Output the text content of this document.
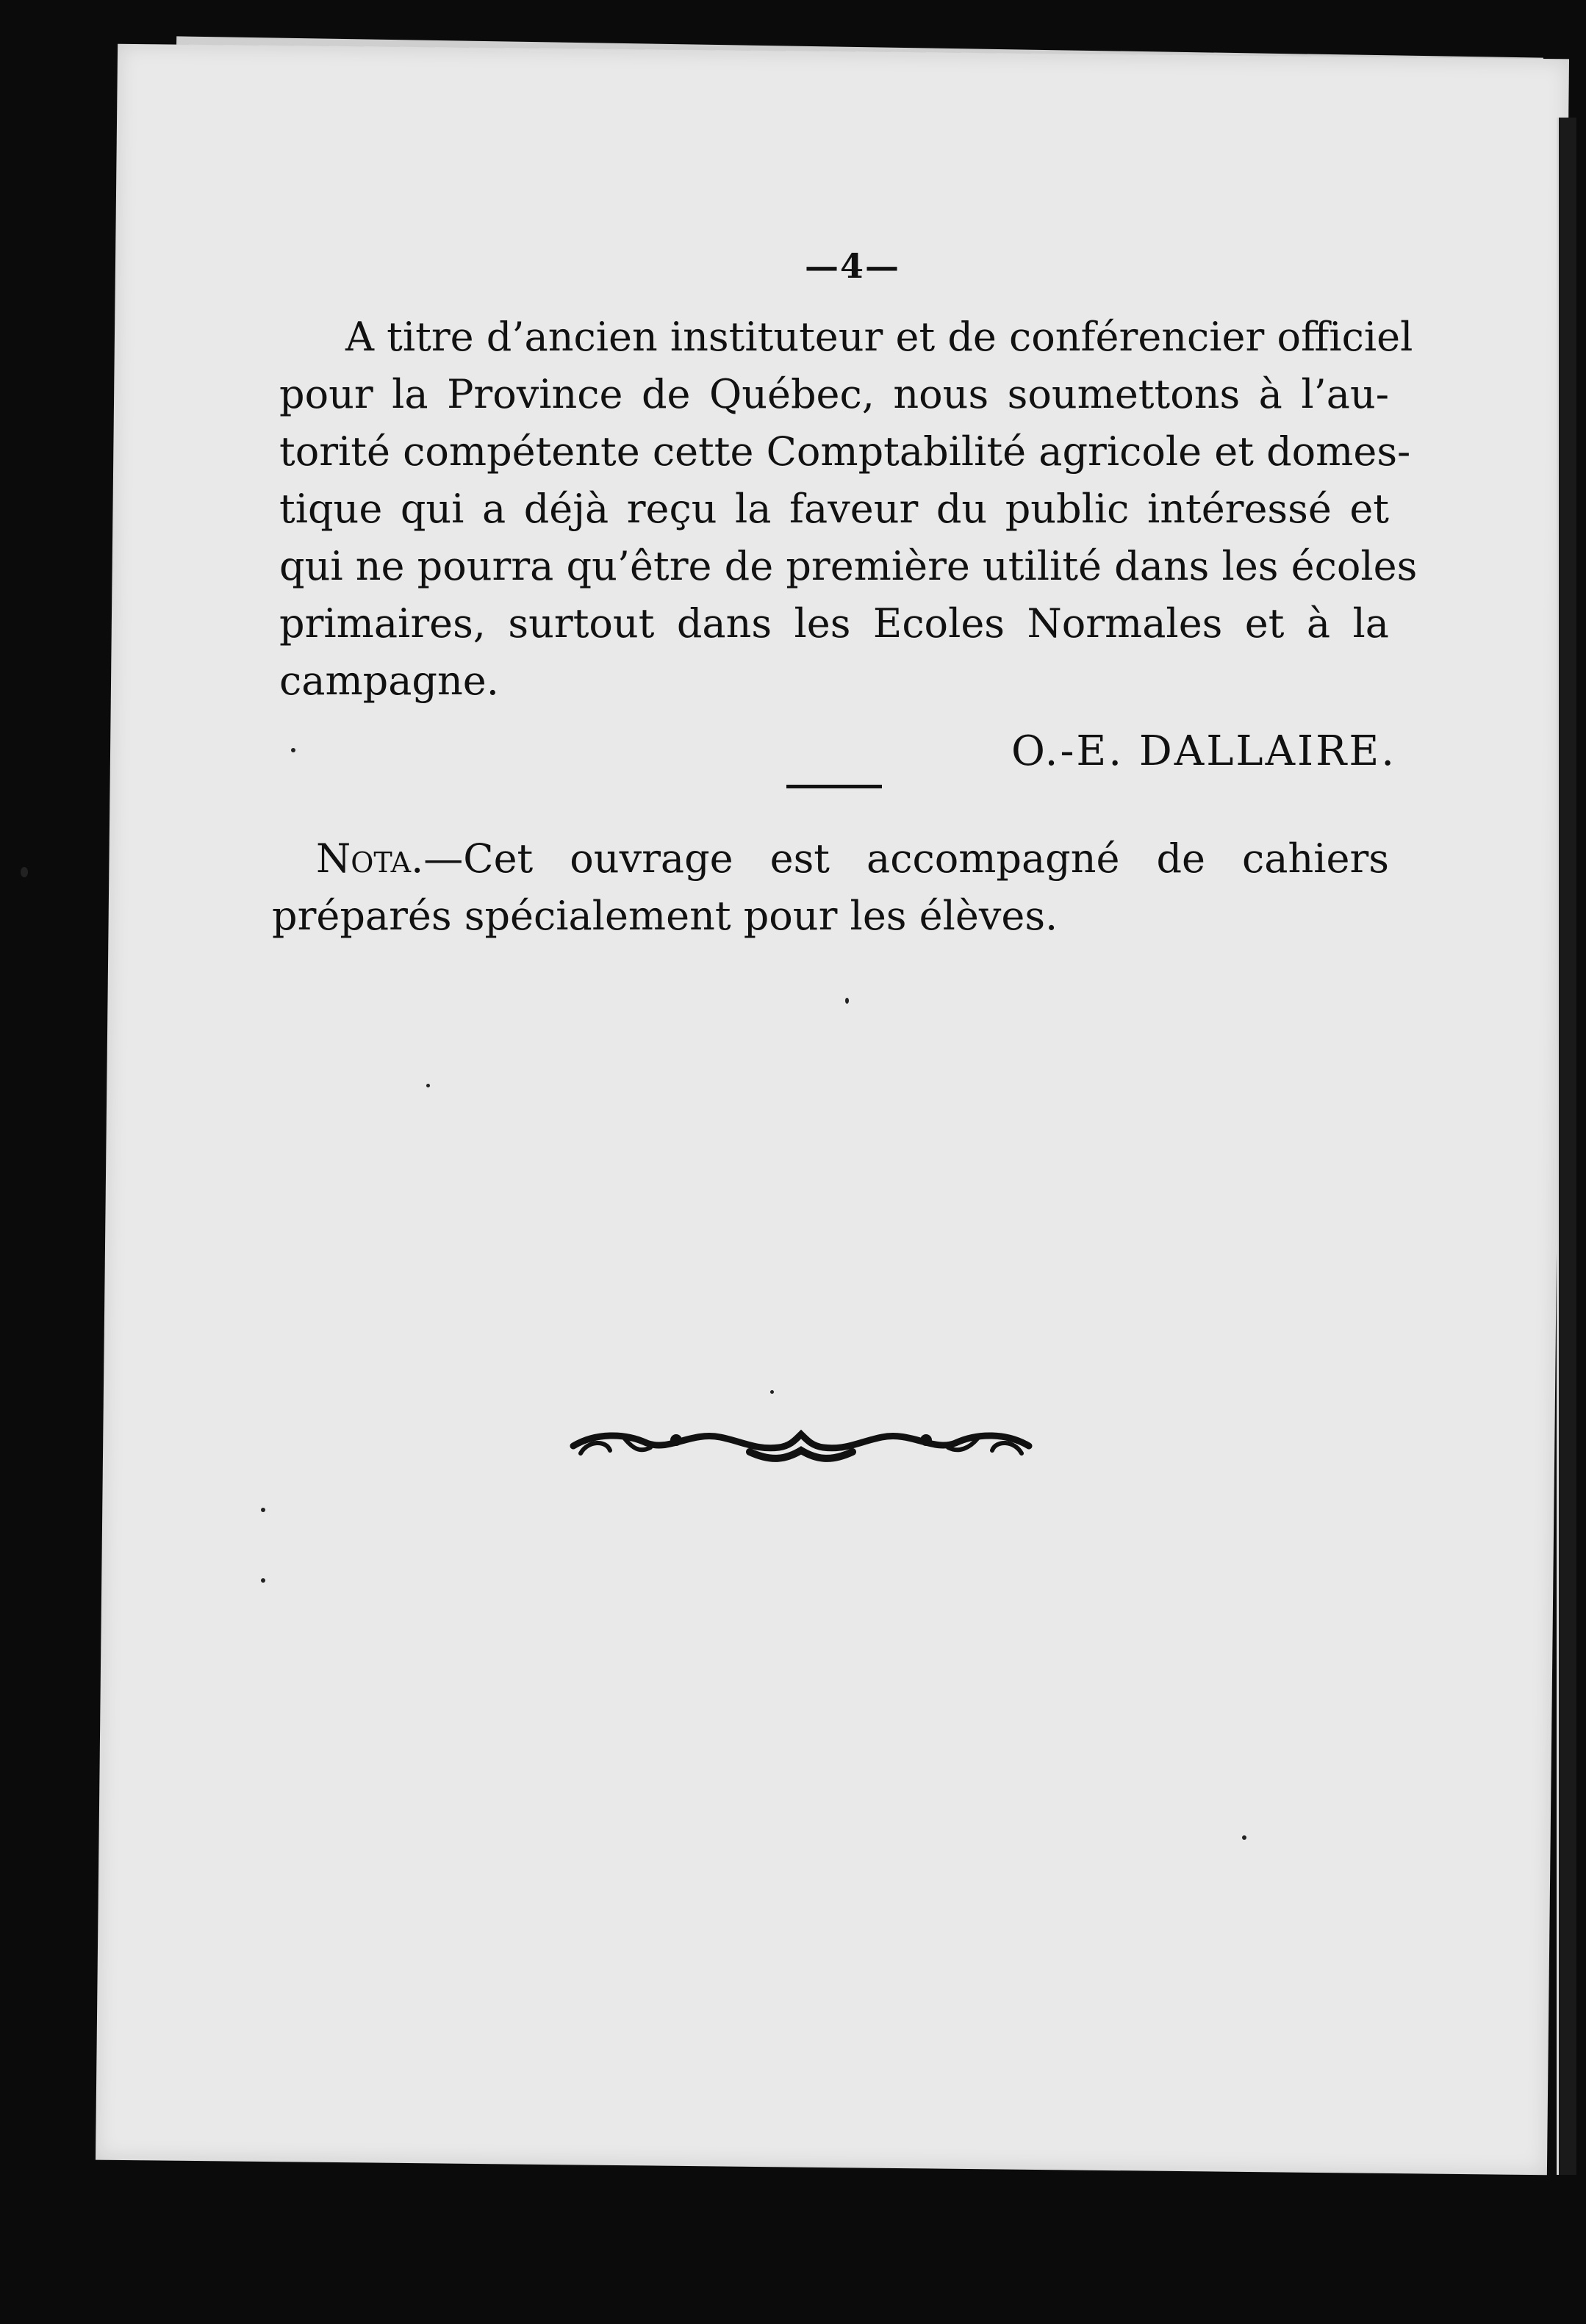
—4—
A titre d’ancien instituteur et de conférencier officiel
pour la Province de Québec, nous soumettons à l’au-
torité compétente cette Comptabilité agricole et domes-
tique qui a déjà reçu la faveur du public intéressé et
qui ne pourra qu’être de première utilité dans les écoles
primaires, surtout dans les Ecoles Normales et à la
campagne.
O.-E. DALLAIRE.
Nota.—Cet ouvrage est accompagné de cahiers
préparés spécialement pour les élèves.
